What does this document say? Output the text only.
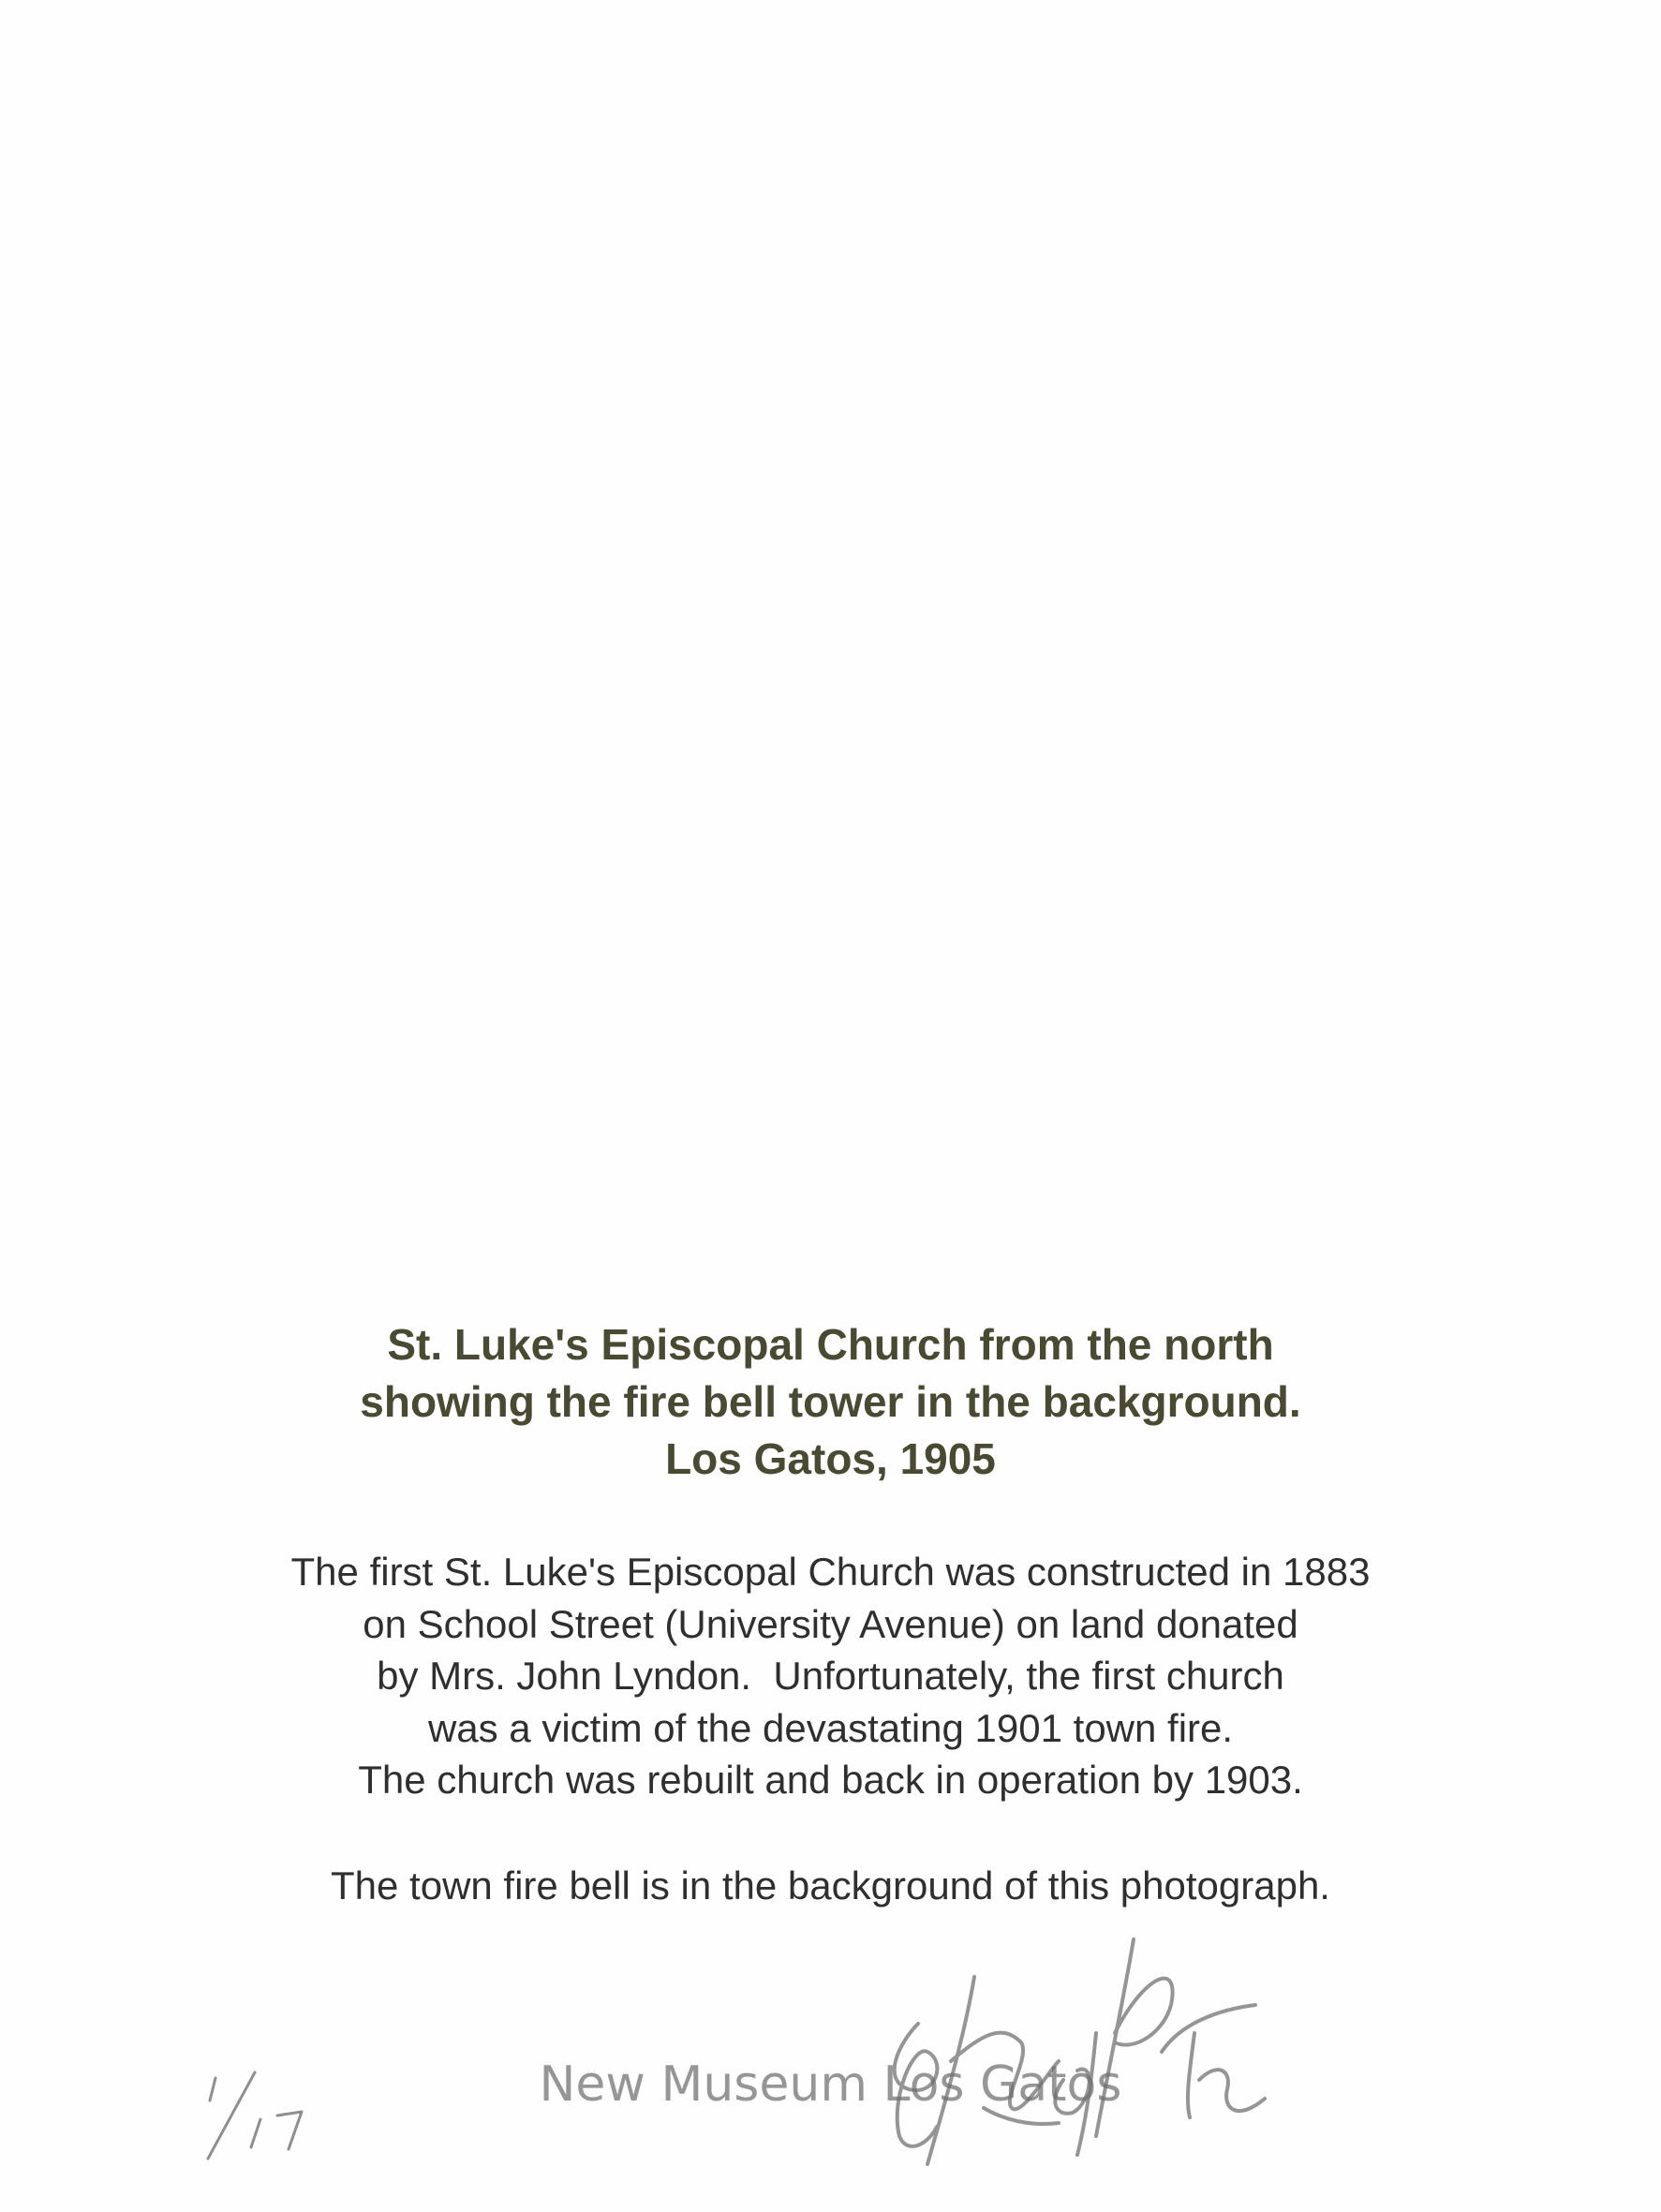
St. Luke's Episcopal Church from the north
showing the fire bell tower in the background.
Los Gatos, 1905
The first St. Luke's Episcopal Church was constructed in 1883
on School Street (University Avenue) on land donated
by Mrs. John Lyndon.  Unfortunately, the first church
was a victim of the devastating 1901 town fire.
The church was rebuilt and back in operation by 1903.
The town fire bell is in the background of this photograph.
New Museum Los Gatos
